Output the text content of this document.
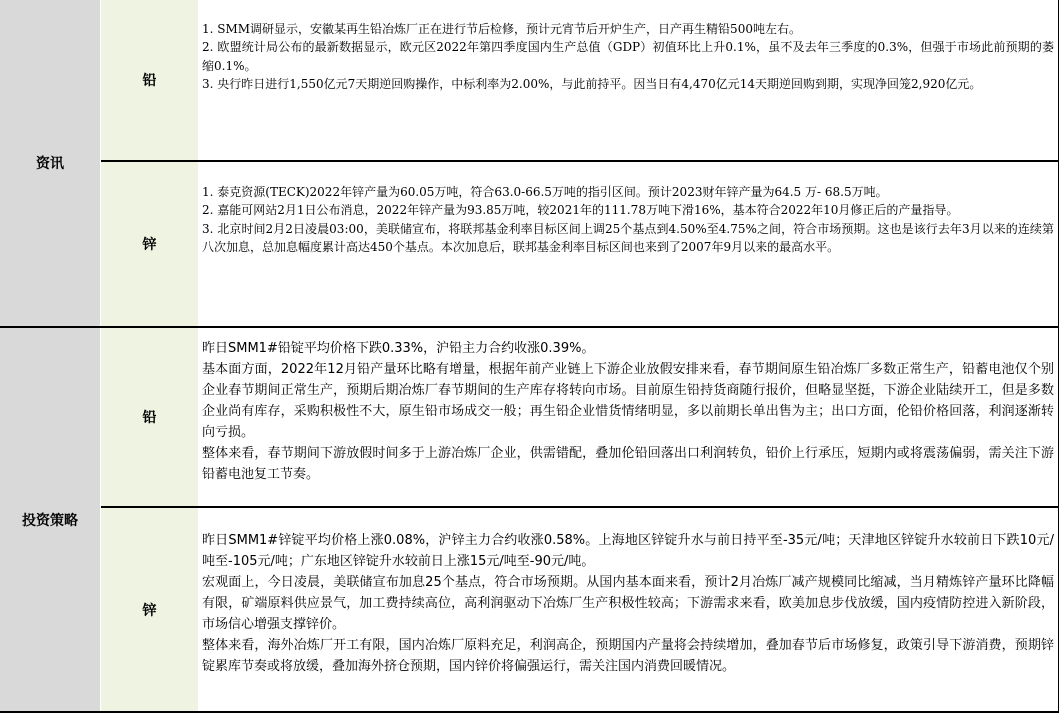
资讯
铅

1. SMM调研显示，安徽某再生铅冶炼厂正在进行节后检修，预计元宵节后开炉生产，日产再生精铅500吨左右。

2. 欧盟统计局公布的最新数据显示，欧元区2022年第四季度国内生产总值（GDP）初值环比上升0.1%，虽不及去年三季度的0.3%，但强于市场此前预期的萎缩0.1%。

3. 央行昨日进行1,550亿元7天期逆回购操作，中标利率为2.00%，与此前持平。因当日有4,470亿元14天期逆回购到期，实现净回笼2,920亿元。

锌

1. 泰克资源(TECK)2022年锌产量为60.05万吨，符合63.0-66.5万吨的指引区间。预计2023财年锌产量为64.5 万- 68.5万吨。

2. 嘉能可网站2月1日公布消息，2022年锌产量为93.85万吨，较2021年的111.78万吨下滑16%，基本符合2022年10月修正后的产量指导。

3. 北京时间2月2日凌晨03:00，美联储宣布，将联邦基金利率目标区间上调25个基点到4.50%至4.75%之间，符合市场预期。这也是该行去年3月以来的连续第八次加息，总加息幅度累计高达450个基点。本次加息后，联邦基金利率目标区间也来到了2007年9月以来的最高水平。

投资策略
铅

昨日SMM1#铅锭平均价格下跌0.33%，沪铅主力合约收涨0.39%。

基本面方面，2022年12月铅产量环比略有增量，根据年前产业链上下游企业放假安排来看，春节期间原生铅冶炼厂多数正常生产，铅蓄电池仅个别企业春节期间正常生产，预期后期冶炼厂春节期间的生产库存将转向市场。目前原生铅持货商随行报价，但略显坚挺，下游企业陆续开工，但是多数企业尚有库存，采购积极性不大，原生铅市场成交一般；再生铅企业惜货情绪明显，多以前期长单出售为主；出口方面，伦铅价格回落，利润逐渐转向亏损。

整体来看，春节期间下游放假时间多于上游冶炼厂企业，供需错配，叠加伦铅回落出口利润转负，铅价上行承压，短期内或将震荡偏弱，需关注下游铅蓄电池复工节奏。

锌

昨日SMM1#锌锭平均价格上涨0.08%，沪锌主力合约收涨0.58%。上海地区锌锭升水与前日持平至-35元/吨；天津地区锌锭升水较前日下跌10元/吨至-105元/吨；广东地区锌锭升水较前日上涨15元/吨至-90元/吨。

宏观面上，今日凌晨，美联储宣布加息25个基点，符合市场预期。从国内基本面来看，预计2月冶炼厂减产规模同比缩减，当月精炼锌产量环比降幅有限，矿端原料供应景气，加工费持续高位，高利润驱动下冶炼厂生产积极性较高；下游需求来看，欧美加息步伐放缓，国内疫情防控进入新阶段，市场信心增强支撑锌价。

整体来看，海外冶炼厂开工有限，国内冶炼厂原料充足，利润高企，预期国内产量将会持续增加，叠加春节后市场修复，政策引导下游消费，预期锌锭累库节奏或将放缓，叠加海外挤仓预期，国内锌价将偏强运行，需关注国内消费回暖情况。
